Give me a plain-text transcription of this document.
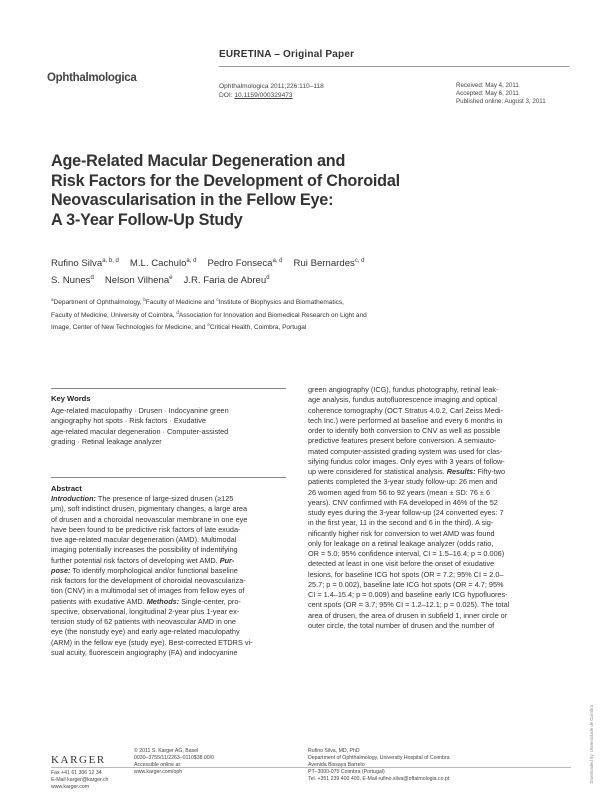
EURETINA – Original Paper
Ophthalmologica
Ophthalmologica 2011;226:110–118
DOI: 10.1159/000329473
Received: May 4, 2011
Accepted: May 6, 2011
Published online: August 3, 2011
Age-Related Macular Degeneration and
Risk Factors for the Development of Choroidal
Neovascularisation in the Fellow Eye:
A 3-Year Follow-Up Study
Rufino Silva$^{a, b, d}$ M.L. Cachulo$^{a, d}$ Pedro Fonseca$^{a, d}$ Rui Bernardes$^{c, d}$
S. Nunes$^d$ Nelson Vilhena$^e$ J.R. Faria de Abreu$^d$
$^a$Department of Ophthalmology, $^b$Faculty of Medicine and $^c$Institute of Biophysics and Biomathematics,
Faculty of Medicine, University of Coimbra, $^d$Association for Innovation and Biomedical Research on Light and
Image, Center of New Technologies for Medicine, and $^e$Critical Health, Coimbra, Portugal
Key Words
Age-related maculopathy · Drusen · Indocyanine green
angiography hot spots · Risk factors · Exudative
age-related macular degeneration · Computer-assisted
grading · Retinal leakage analyzer
Abstract
Introduction: The presence of large-sized drusen (≥125
μm), soft indistinct drusen, pigmentary changes, a large area
of drusen and a choroidal neovascular membrane in one eye
have been found to be predictive risk factors of late exuda-
tive age-related macular degeneration (AMD). Multimodal
imaging potentially increases the possibility of indentifying
further potential risk factors of developing wet AMD. Pur-
pose: To identify morphological and/or functional baseline
risk factors for the development of choroidal neovasculariza-
tion (CNV) in a multimodal set of images from fellow eyes of
patients with exudative AMD. Methods: Single-center, pro-
spective, observational, longitudinal 2-year plus 1-year ex-
tension study of 62 patients with neovascular AMD in one
eye (the nonstudy eye) and early age-related maculopathy
(ARM) in the fellow eye (study eye). Best-corrected ETDRS vi-
sual acuity, fluorescein angiography (FA) and indocyanine
green angiography (ICG), fundus photography, retinal leak-
age analysis, fundus autofluorescence imaging and optical
coherence tomography (OCT Stratus 4.0.2, Carl Zeiss Medi-
tech Inc.) were performed at baseline and every 6 months in
order to identify both conversion to CNV as well as possible
predictive features present before conversion. A semiauto-
mated computer-assisted grading system was used for clas-
sifying fundus color images. Only eyes with 3 years of follow-
up were considered for statistical analysis. Results: Fifty-two
patients completed the 3-year study follow-up: 26 men and
26 women aged from 56 to 92 years (mean ± SD: 76 ± 6
years). CNV confirmed with FA developed in 46% of the 52
study eyes during the 3-year follow-up (24 converted eyes: 7
in the first year, 11 in the second and 6 in the third). A sig-
nificantly higher risk for conversion to wet AMD was found
only for leakage on a retinal leakage analyzer (odds ratio,
OR = 5.0; 95% confidence interval, CI = 1.5–16.4; p = 0.006)
detected at least in one visit before the onset of exudative
lesions, for baseline ICG hot spots (OR = 7.2; 95% CI = 2.0–
25.7; p = 0.002), baseline late ICG hot spots (OR = 4.7; 95%
CI = 1.4–15.4; p = 0.009) and baseline early ICG hypofluores-
cent spots (OR = 3.7; 95% CI = 1.2–12.1; p = 0.025). The total
area of drusen, the area of drusen in subfield 1, inner circle or
outer circle, the total number of drusen and the number of
KARGER
Fax +41 61 306 12 34
E-Mail karger@karger.ch
www.karger.com
© 2011 S. Karger AG, Basel
0030–3755/11/2263–0110$38.00/0
Accessible online at:
www.karger.com/oph
Rufino Silva, MD, PhD
Department of Ophthalmology, University Hospital of Coimbra
Avenida Bissaya Barreto
PT–3000-075 Coimbra (Portugal)
Tel. +351 239 400 400, E-Mail rufino.silva@oftalmologia.co.pt	Downloaded by: Universidade de Coimbra
